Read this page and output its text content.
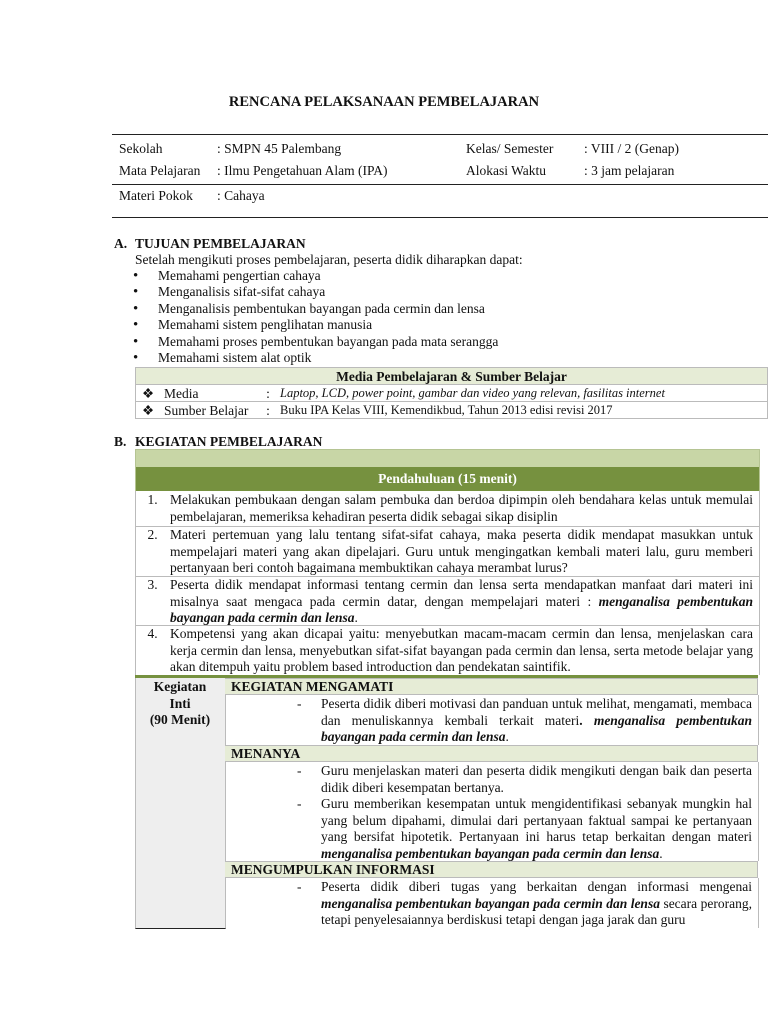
RENCANA PELAKSANAAN PEMBELAJARAN
Sekolah	: SMPN 45 Palembang	Kelas/ Semester : VIII / 2 (Genap)
Mata Pelajaran : Ilmu Pengetahuan Alam (IPA)	Alokasi Waktu	: 3 jam pelajaran
Materi Pokok : Cahaya
A. TUJUAN PEMBELAJARAN
Setelah mengikuti proses pembelajaran, peserta didik diharapkan dapat:
• Memahami pengertian cahaya
• Menganalisis sifat-sifat cahaya
• Menganalisis pembentukan bayangan pada cermin dan lensa
• Memahami sistem penglihatan manusia
• Memahami proses pembentukan bayangan pada mata serangga
• Memahami sistem alat optik
Media Pembelajaran & Sumber Belajar			
❖	Media	:	Laptop, LCD, power point, gambar dan video yang relevan, fasilitas internet
❖	Sumber Belajar	:	Buku IPA Kelas VIII, Kemendikbud, Tahun 2013 edisi revisi 2017
B. KEGIATAN PEMBELAJARAN
Pendahuluan (15 menit)
1. Melakukan pembukaan dengan salam pembuka dan berdoa dipimpin oleh bendahara kelas untuk memulai pembelajaran, memeriksa kehadiran peserta didik sebagai sikap disiplin
2. Materi pertemuan yang lalu tentang sifat-sifat cahaya, maka peserta didik mendapat masukkan untuk mempelajari materi yang akan dipelajari. Guru untuk mengingatkan kembali materi lalu, guru memberi pertanyaan beri contoh bagaimana membuktikan cahaya merambat lurus?
3. Peserta didik mendapat informasi tentang cermin dan lensa serta mendapatkan manfaat dari materi ini misalnya saat mengaca pada cermin datar, dengan mempelajari materi : menganalisa pembentukan bayangan pada cermin dan lensa.
4. Kompetensi yang akan dicapai yaitu: menyebutkan macam-macam cermin dan lensa, menjelaskan cara kerja cermin dan lensa, menyebutkan sifat-sifat bayangan pada cermin dan lensa, serta metode belajar yang akan ditempuh yaitu problem based introduction dan pendekatan saintifik.
Kegiatan
Inti
(90 Menit)
KEGIATAN MENGAMATI
- Peserta didik diberi motivasi dan panduan untuk melihat, mengamati, membaca dan menuliskannya kembali terkait materi. menganalisa pembentukan bayangan pada cermin dan lensa.
MENANYA
- Guru menjelaskan materi dan peserta didik mengikuti dengan baik dan peserta didik diberi kesempatan bertanya.
- Guru memberikan kesempatan untuk mengidentifikasi sebanyak mungkin hal yang belum dipahami, dimulai dari pertanyaan faktual sampai ke pertanyaan yang bersifat hipotetik. Pertanyaan ini harus tetap berkaitan dengan materi menganalisa pembentukan bayangan pada cermin dan lensa.
MENGUMPULKAN INFORMASI
- Peserta didik diberi tugas yang berkaitan dengan informasi mengenai menganalisa pembentukan bayangan pada cermin dan lensa secara perorang, tetapi penyelesaiannya berdiskusi tetapi dengan jaga jarak dan guru
